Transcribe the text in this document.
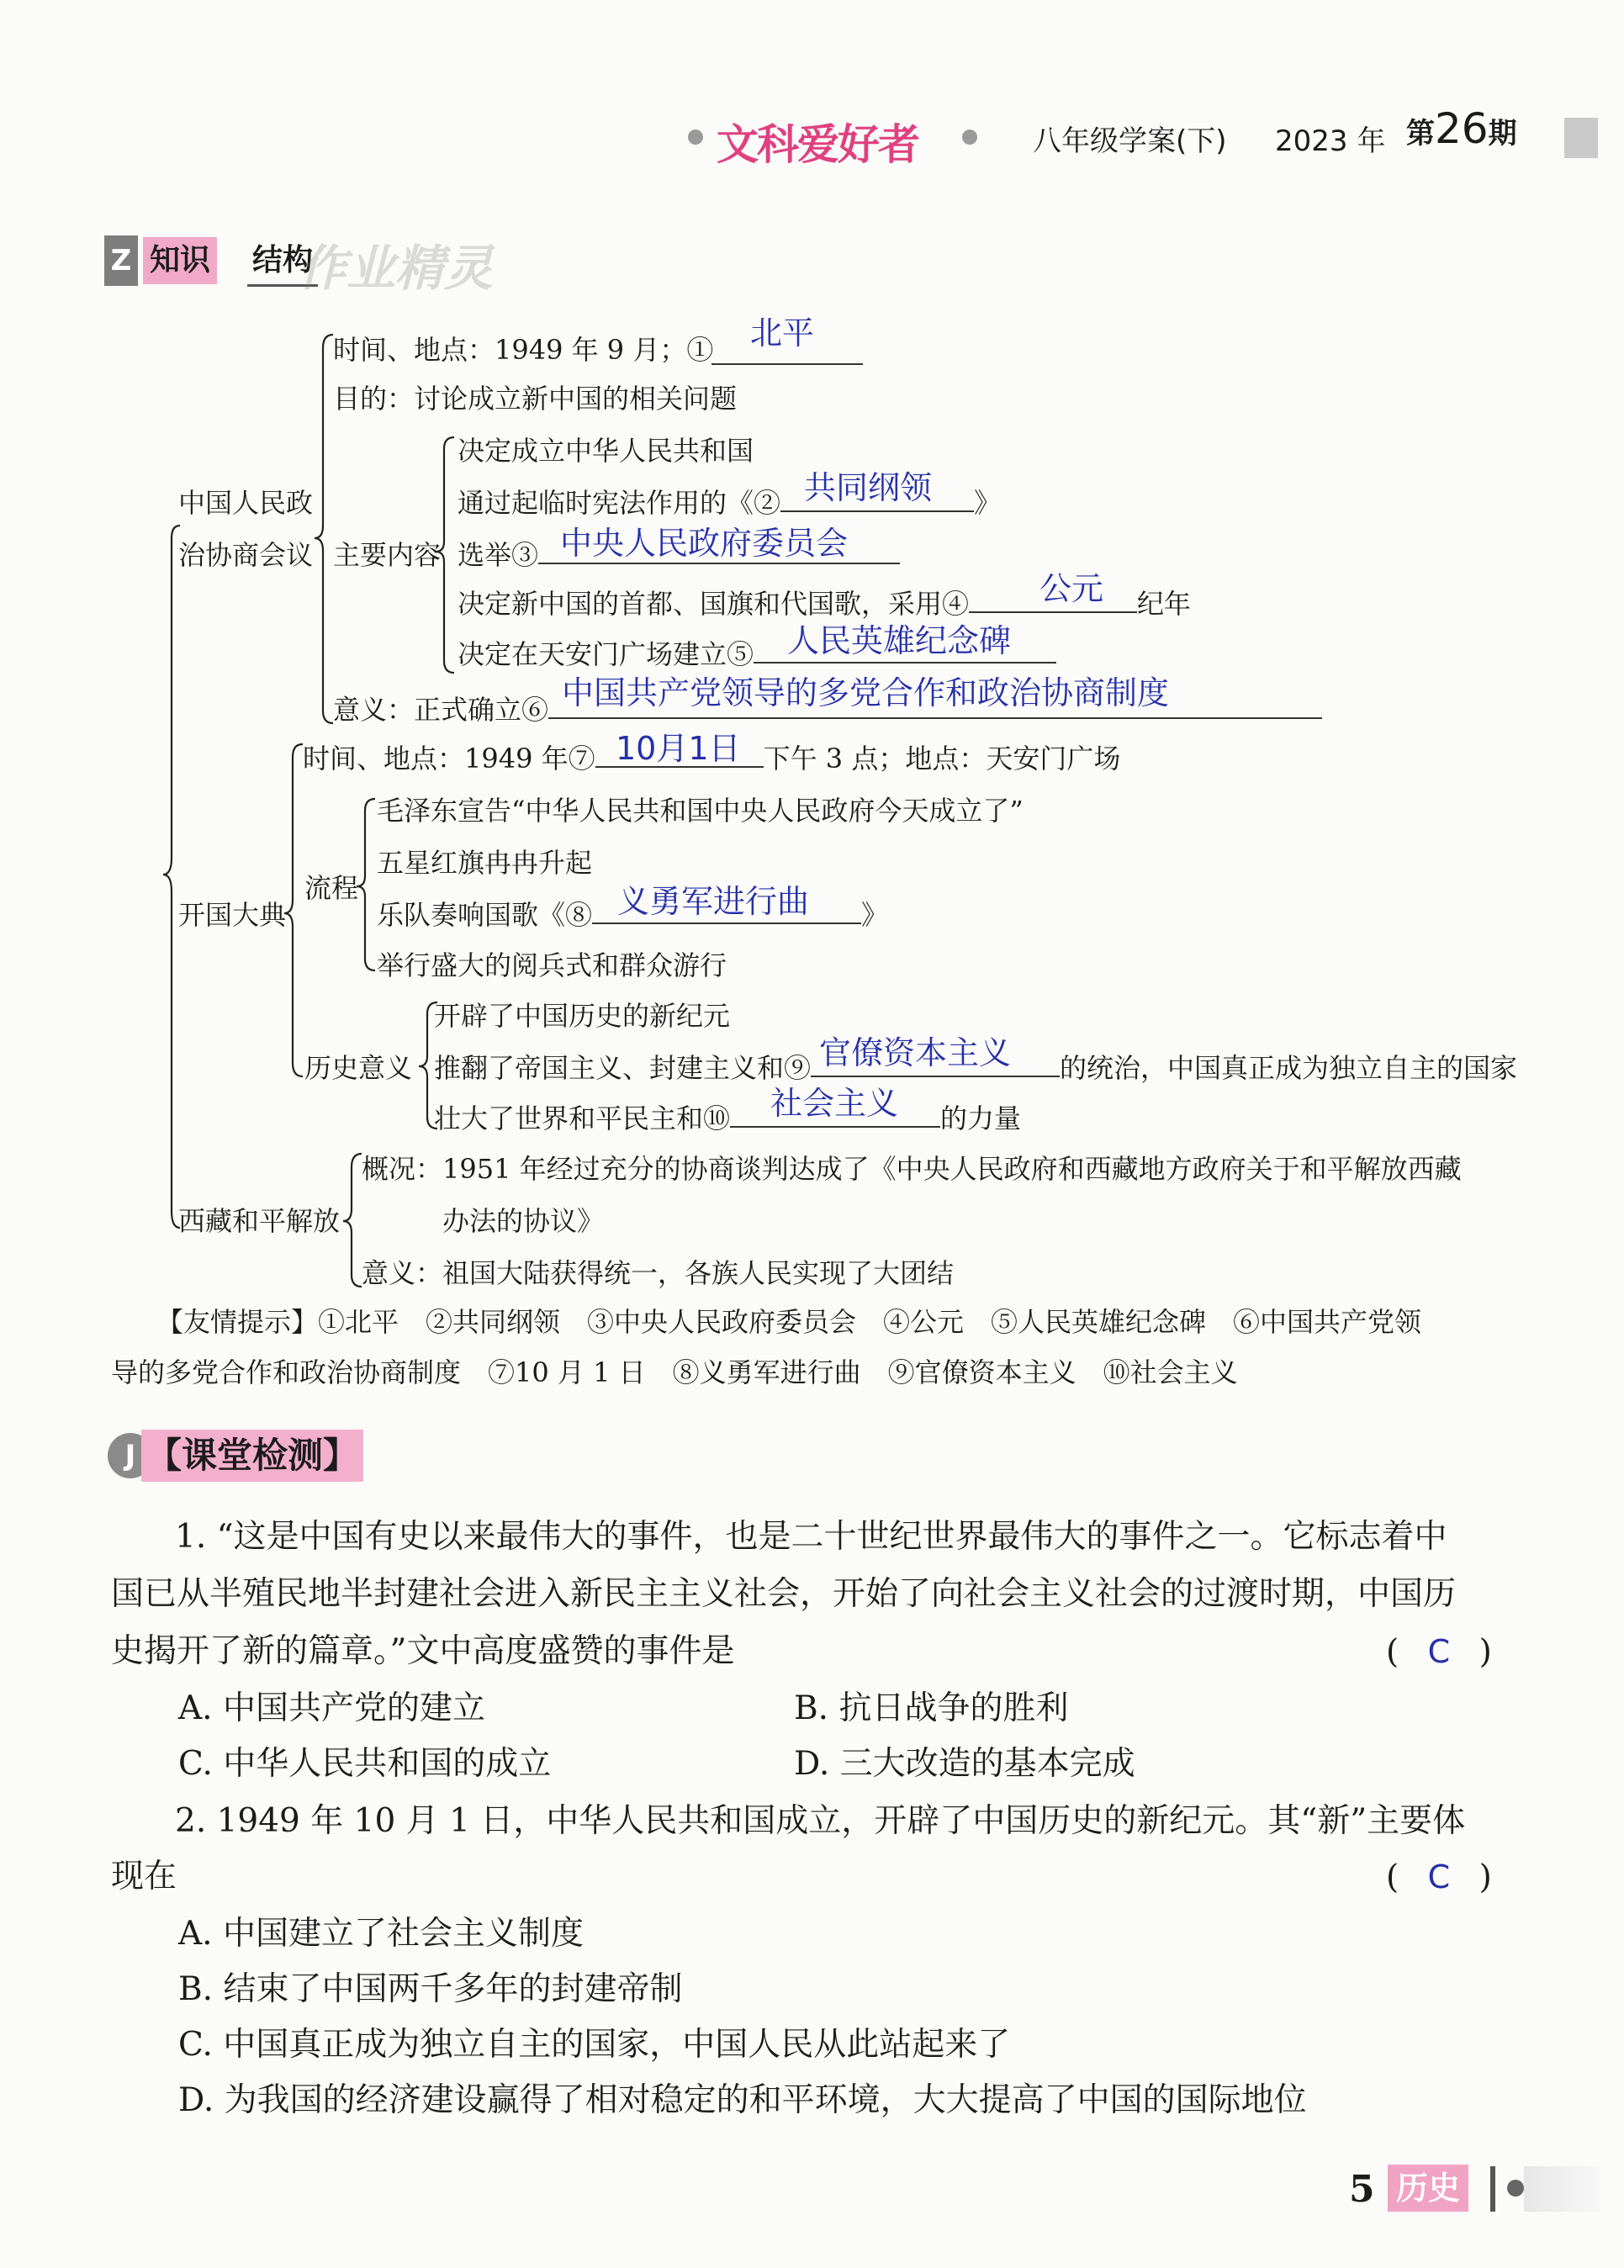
文科爱好者	八年级学案(下) 2023 年 第26期
Z 知识 结构
作业精灵
中国人民政
治协商会议
时间、地点：1949 年 9 月；① 北平
目的：讨论成立新中国的相关问题
主要内容
决定成立中华人民共和国
通过起临时宪法作用的《②	》
共同纲领
选举③ 中央人民政府委员会
决定新中国的首都、国旗和代国歌，采用④	纪年
公元
决定在天安门广场建立⑤	人民英雄纪念碑
意义：正式确立⑥ 中国共产党领导的多党合作和政治协商制度
开国大典
时间、地点：1949 年⑦	下午 3 点；地点：天安门广场
10月1日
流程
毛泽东宣告“中华人民共和国中央人民政府今天成立了”
五星红旗冉冉升起
乐队奏响国歌《⑧	》
义勇军进行曲
举行盛大的阅兵式和群众游行
历史意义
开辟了中国历史的新纪元
推翻了帝国主义、封建主义和⑨	的统治，中国真正成为独立自主的国家
官僚资本主义
壮大了世界和平民主和⑩	的力量
社会主义
西藏和平解放
概况：1951 年经过充分的协商谈判达成了《中央人民政府和西藏地方政府关于和平解放西藏
办法的协议》
意义：祖国大陆获得统一，各族人民实现了大团结
【友情提示】①北平　②共同纲领　③中央人民政府委员会　④公元　⑤人民英雄纪念碑　⑥中国共产党领
导的多党合作和政治协商制度　⑦10 月 1 日　⑧义勇军进行曲　⑨官僚资本主义　⑩社会主义
J 【课堂检测】
1. “这是中国有史以来最伟大的事件，也是二十世纪世界最伟大的事件之一。它标志着中
国已从半殖民地半封建社会进入新民主主义社会，开始了向社会主义社会的过渡时期，中国历
史揭开了新的篇章。”文中高度盛赞的事件是	( C )
A. 中国共产党的建立	B. 抗日战争的胜利
C. 中华人民共和国的成立	D. 三大改造的基本完成
2. 1949 年 10 月 1 日，中华人民共和国成立，开辟了中国历史的新纪元。其“新”主要体
现在	( C )
A. 中国建立了社会主义制度
B. 结束了中国两千多年的封建帝制
C. 中国真正成为独立自主的国家，中国人民从此站起来了
D. 为我国的经济建设赢得了相对稳定的和平环境，大大提高了中国的国际地位
5 历史
